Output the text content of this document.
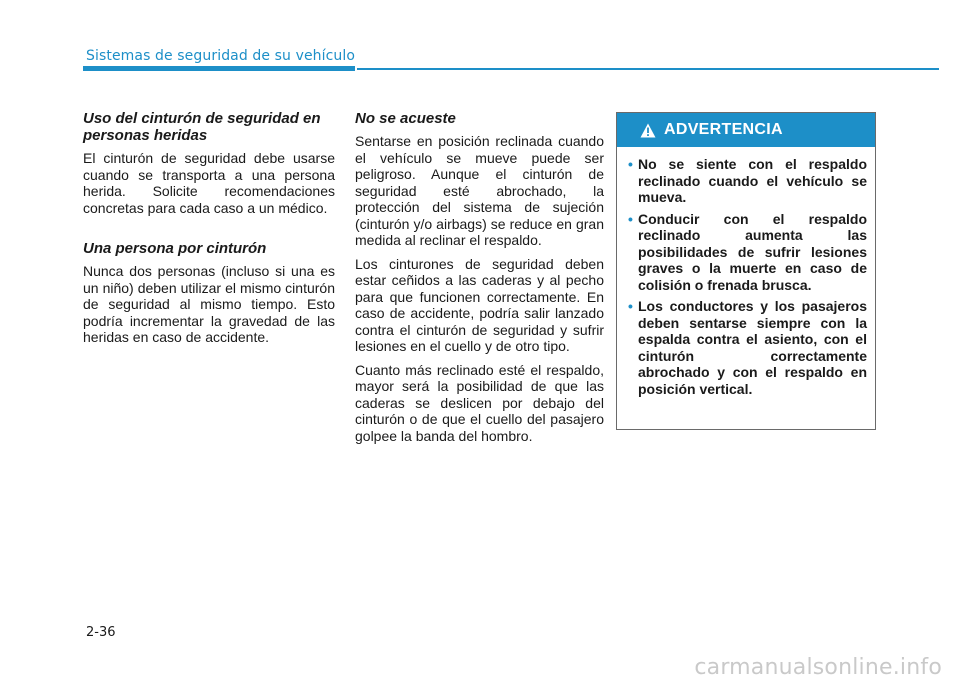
Sistemas de seguridad de su vehículo
Uso del cinturón de seguridad en personas heridas

El cinturón de seguridad debe usarse cuando se transporta a una persona herida. Solicite recomendaciones concretas para cada caso a un médico.

Una persona por cinturón

Nunca dos personas (incluso si una es un niño) deben utilizar el mismo cinturón de seguridad al mismo tiempo. Esto podría incrementar la gravedad de las heridas en caso de accidente.

No se acueste

Sentarse en posición reclinada cuando el vehículo se mueve puede ser peligroso. Aunque el cinturón de seguridad esté abrochado, la protección del sistema de sujeción (cinturón y/o airbags) se reduce en gran medida al reclinar el respaldo.

Los cinturones de seguridad deben estar ceñidos a las caderas y al pecho para que funcionen correctamente. En caso de accidente, podría salir lanzado contra el cinturón de seguridad y sufrir lesiones en el cuello y de otro tipo.

Cuanto más reclinado esté el respaldo, mayor será la posibilidad de que las caderas se deslicen por debajo del cinturón o de que el cuello del pasajero golpee la banda del hombro.

ADVERTENCIA
• No se siente con el respaldo reclinado cuando el vehículo se mueva.
• Conducir con el respaldo reclinado aumenta las posibilidades de sufrir lesiones graves o la muerte en caso de colisión o frenada brusca.
• Los conductores y los pasajeros deben sentarse siempre con la espalda contra el asiento, con el cinturón correctamente abrochado y con el respaldo en posición vertical.
2-36
carmanualsonline.info
